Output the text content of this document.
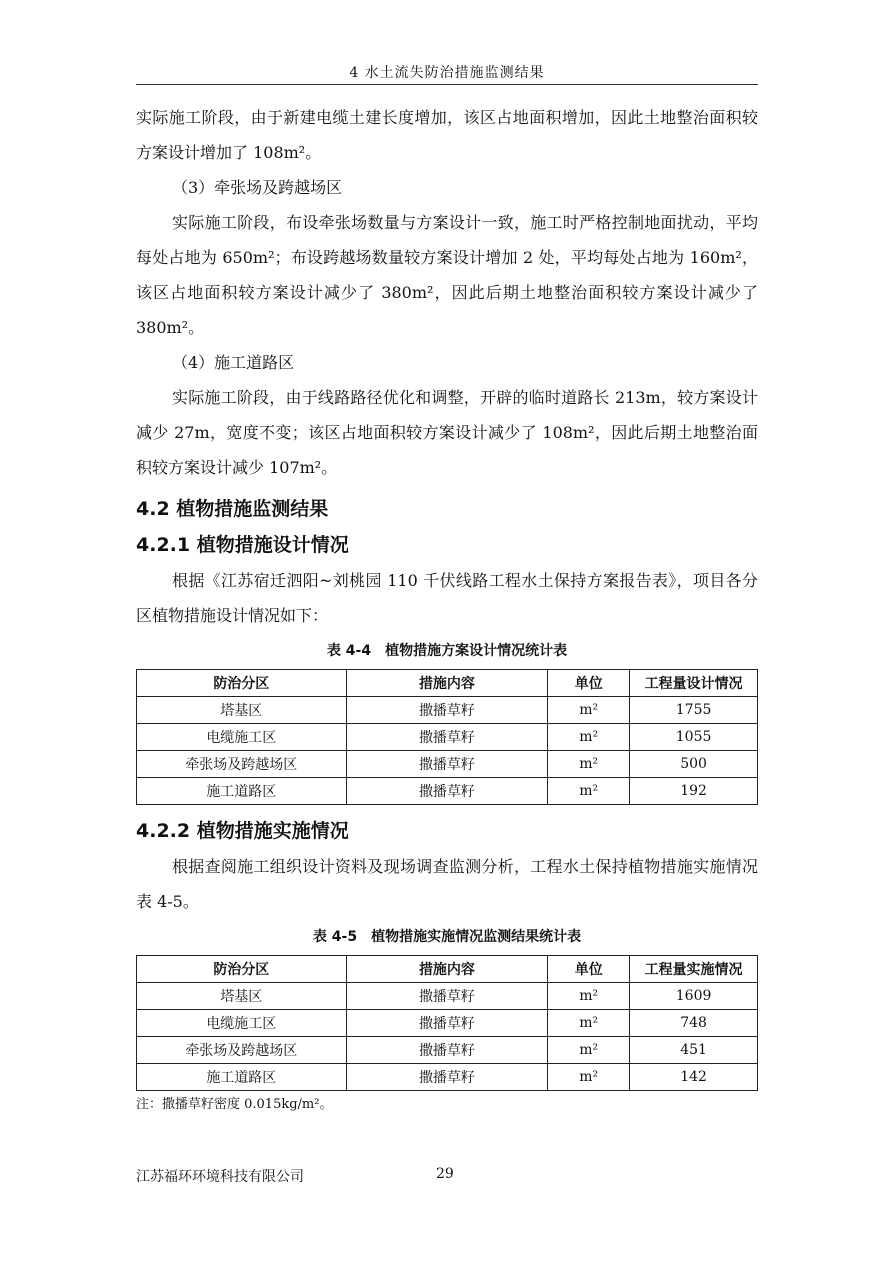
4 水土流失防治措施监测结果

实际施工阶段，由于新建电缆土建长度增加，该区占地面积增加，因此土地整治面积较方案设计增加了 108m²。

（3）牵张场及跨越场区

实际施工阶段，布设牵张场数量与方案设计一致，施工时严格控制地面扰动，平均每处占地为 650m²；布设跨越场数量较方案设计增加 2 处，平均每处占地为 160m²，该区占地面积较方案设计减少了 380m²，因此后期土地整治面积较方案设计减少了 380m²。

（4）施工道路区

实际施工阶段，由于线路路径优化和调整，开辟的临时道路长 213m，较方案设计减少 27m，宽度不变；该区占地面积较方案设计减少了 108m²，因此后期土地整治面积较方案设计减少 107m²。

4.2 植物措施监测结果
4.2.1 植物措施设计情况

根据《江苏宿迁泗阳~刘桃园 110 千伏线路工程水土保持方案报告表》，项目各分区植物措施设计情况如下：

表 4-4　植物措施方案设计情况统计表
防治分区	措施内容	单位	工程量设计情况
塔基区	撒播草籽	m²	1755
电缆施工区	撒播草籽	m²	1055
牵张场及跨越场区	撒播草籽	m²	500
施工道路区	撒播草籽	m²	192
4.2.2 植物措施实施情况

根据查阅施工组织设计资料及现场调查监测分析，工程水土保持植物措施实施情况表 4-5。

表 4-5　植物措施实施情况监测结果统计表
防治分区	措施内容	单位	工程量实施情况
塔基区	撒播草籽	m²	1609
电缆施工区	撒播草籽	m²	748
牵张场及跨越场区	撒播草籽	m²	451
施工道路区	撒播草籽	m²	142
注：撒播草籽密度 0.015kg/m²。
江苏福环环境科技有限公司	29
